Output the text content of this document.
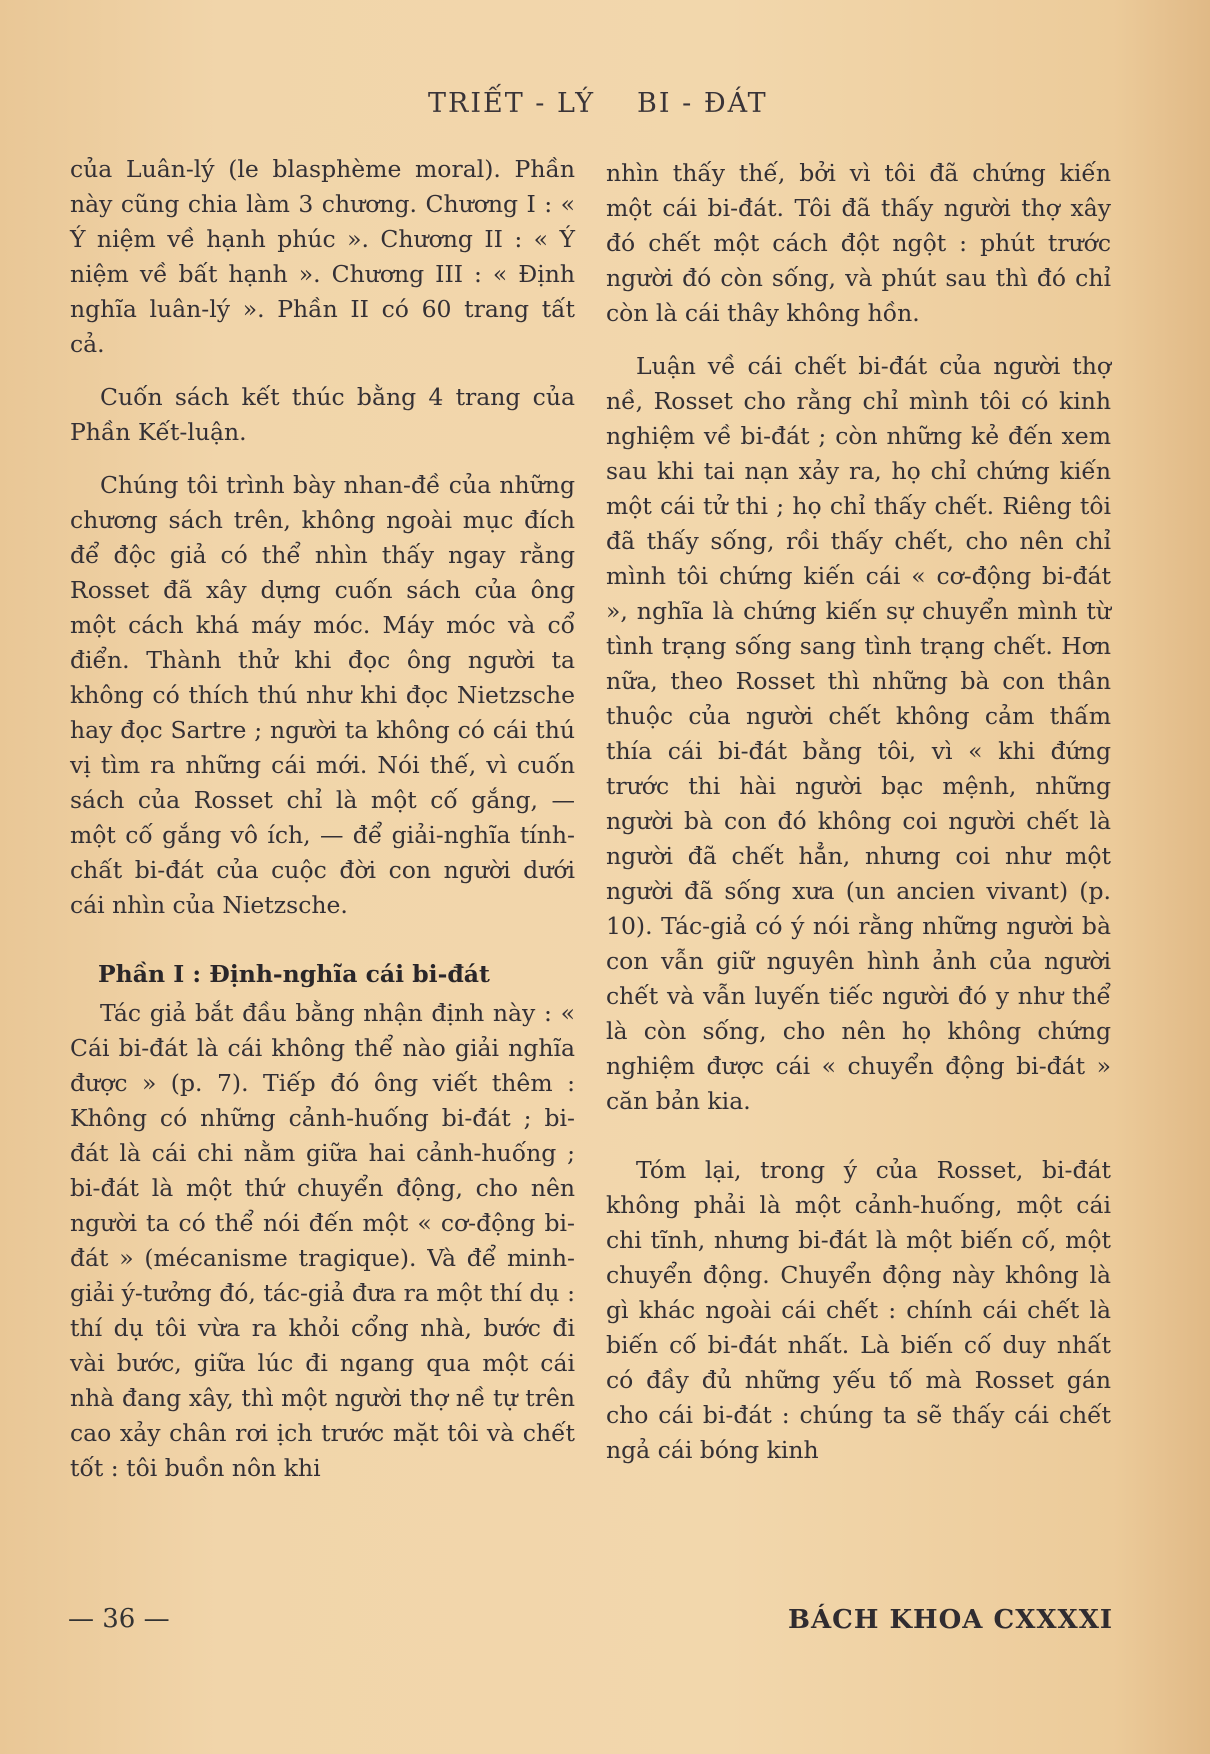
TRIẾT - LÝ BI - ĐÁT

của Luân-lý (le blasphème moral). Phần này cũng chia làm 3 chương. Chương I : « Ý niệm về hạnh phúc ». Chương II : « Ý niệm về bất hạnh ». Chương III : « Định nghĩa luân-lý ». Phần II có 60 trang tất cả.

Cuốn sách kết thúc bằng 4 trang của Phần Kết-luận.

Chúng tôi trình bày nhan-đề của những chương sách trên, không ngoài mục đích để độc giả có thể nhìn thấy ngay rằng Rosset đã xây dựng cuốn sách của ông một cách khá máy móc. Máy móc và cổ điển. Thành thử khi đọc ông người ta không có thích thú như khi đọc Nietzsche hay đọc Sartre ; người ta không có cái thú vị tìm ra những cái mới. Nói thế, vì cuốn sách của Rosset chỉ là một cố gắng, — một cố gắng vô ích, — để giải-nghĩa tính-chất bi-đát của cuộc đời con người dưới cái nhìn của Nietzsche.

Phần I : Định-nghĩa cái bi-đát

Tác giả bắt đầu bằng nhận định này : « Cái bi-đát là cái không thể nào giải nghĩa được » (p. 7). Tiếp đó ông viết thêm : Không có những cảnh-huống bi-đát ; bi-đát là cái chi nằm giữa hai cảnh-huống ; bi-đát là một thứ chuyển động, cho nên người ta có thể nói đến một « cơ-động bi-đát » (mécanisme tragique). Và để minh-giải ý-tưởng đó, tác-giả đưa ra một thí dụ : thí dụ tôi vừa ra khỏi cổng nhà, bước đi vài bước, giữa lúc đi ngang qua một cái nhà đang xây, thì một người thợ nề tự trên cao xảy chân rơi ịch trước mặt tôi và chết tốt : tôi buồn nôn khi

nhìn thấy thế, bởi vì tôi đã chứng kiến một cái bi-đát. Tôi đã thấy người thợ xây đó chết một cách đột ngột : phút trước người đó còn sống, và phút sau thì đó chỉ còn là cái thây không hồn.

Luận về cái chết bi-đát của người thợ nề, Rosset cho rằng chỉ mình tôi có kinh nghiệm về bi-đát ; còn những kẻ đến xem sau khi tai nạn xảy ra, họ chỉ chứng kiến một cái tử thi ; họ chỉ thấy chết. Riêng tôi đã thấy sống, rồi thấy chết, cho nên chỉ mình tôi chứng kiến cái « cơ-động bi-đát », nghĩa là chứng kiến sự chuyển mình từ tình trạng sống sang tình trạng chết. Hơn nữa, theo Rosset thì những bà con thân thuộc của người chết không cảm thấm thía cái bi-đát bằng tôi, vì « khi đứng trước thi hài người bạc mệnh, những người bà con đó không coi người chết là người đã chết hẳn, nhưng coi như một người đã sống xưa (un ancien vivant) (p. 10). Tác-giả có ý nói rằng những người bà con vẫn giữ nguyên hình ảnh của người chết và vẫn luyến tiếc người đó y như thể là còn sống, cho nên họ không chứng nghiệm được cái « chuyển động bi-đát » căn bản kia.

Tóm lại, trong ý của Rosset, bi-đát không phải là một cảnh-huống, một cái chi tĩnh, nhưng bi-đát là một biến cố, một chuyển động. Chuyển động này không là gì khác ngoài cái chết : chính cái chết là biến cố bi-đát nhất. Là biến cố duy nhất có đầy đủ những yếu tố mà Rosset gán cho cái bi-đát : chúng ta sẽ thấy cái chết ngả cái bóng kinh

— 36 —	BÁCH KHOA CXXXXI
